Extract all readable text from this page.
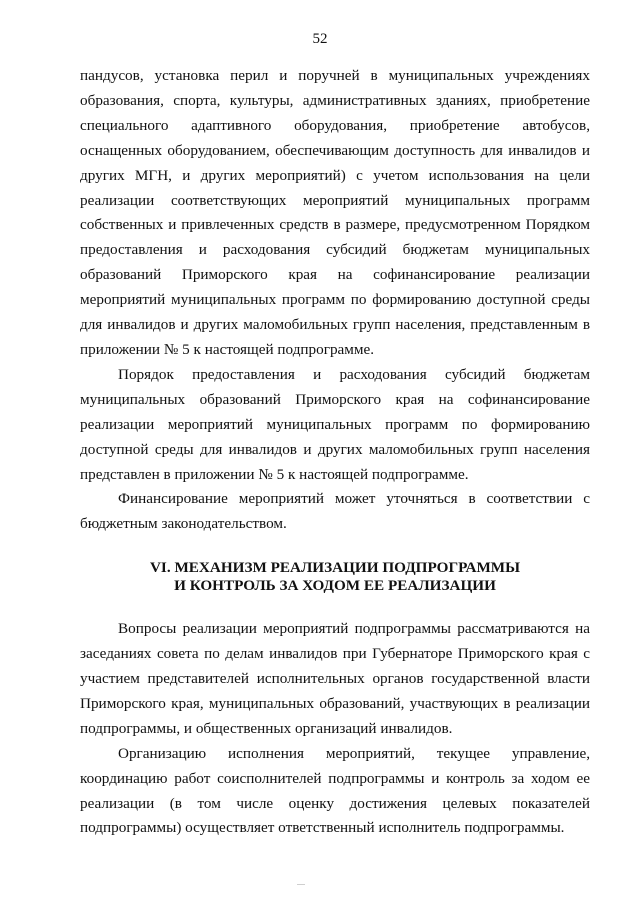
52

пандусов, установка перил и поручней в муниципальных учреждениях образования, спорта, культуры, административных зданиях, приобретение специального адаптивного оборудования, приобретение автобусов, оснащенных оборудованием, обеспечивающим доступность для инвалидов и других МГН, и других мероприятий) с учетом использования на цели реализации соответствующих мероприятий муниципальных программ собственных и привлеченных средств в размере, предусмотренном Порядком предоставления и расходования субсидий бюджетам муниципальных образований Приморского края на софинансирование реализации мероприятий муниципальных программ по формированию доступной среды для инвалидов и других маломобильных групп населения, представленным в приложении № 5 к настоящей подпрограмме.

Порядок предоставления и расходования субсидий бюджетам муниципальных образований Приморского края на софинансирование реализации мероприятий муниципальных программ по формированию доступной среды для инвалидов и других маломобильных групп населения представлен в приложении № 5 к настоящей подпрограмме.

Финансирование мероприятий может уточняться в соответствии с бюджетным законодательством.

VI. МЕХАНИЗМ РЕАЛИЗАЦИИ ПОДПРОГРАММЫ
И КОНТРОЛЬ ЗА ХОДОМ ЕЕ РЕАЛИЗАЦИИ

Вопросы реализации мероприятий подпрограммы рассматриваются на заседаниях совета по делам инвалидов при Губернаторе Приморского края с участием представителей исполнительных органов государственной власти Приморского края, муниципальных образований, участвующих в реализации подпрограммы, и общественных организаций инвалидов.

Организацию исполнения мероприятий, текущее управление, координацию работ соисполнителей подпрограммы и контроль за ходом ее реализации (в том числе оценку достижения целевых показателей подпрограммы) осуществляет ответственный исполнитель подпрограммы.
